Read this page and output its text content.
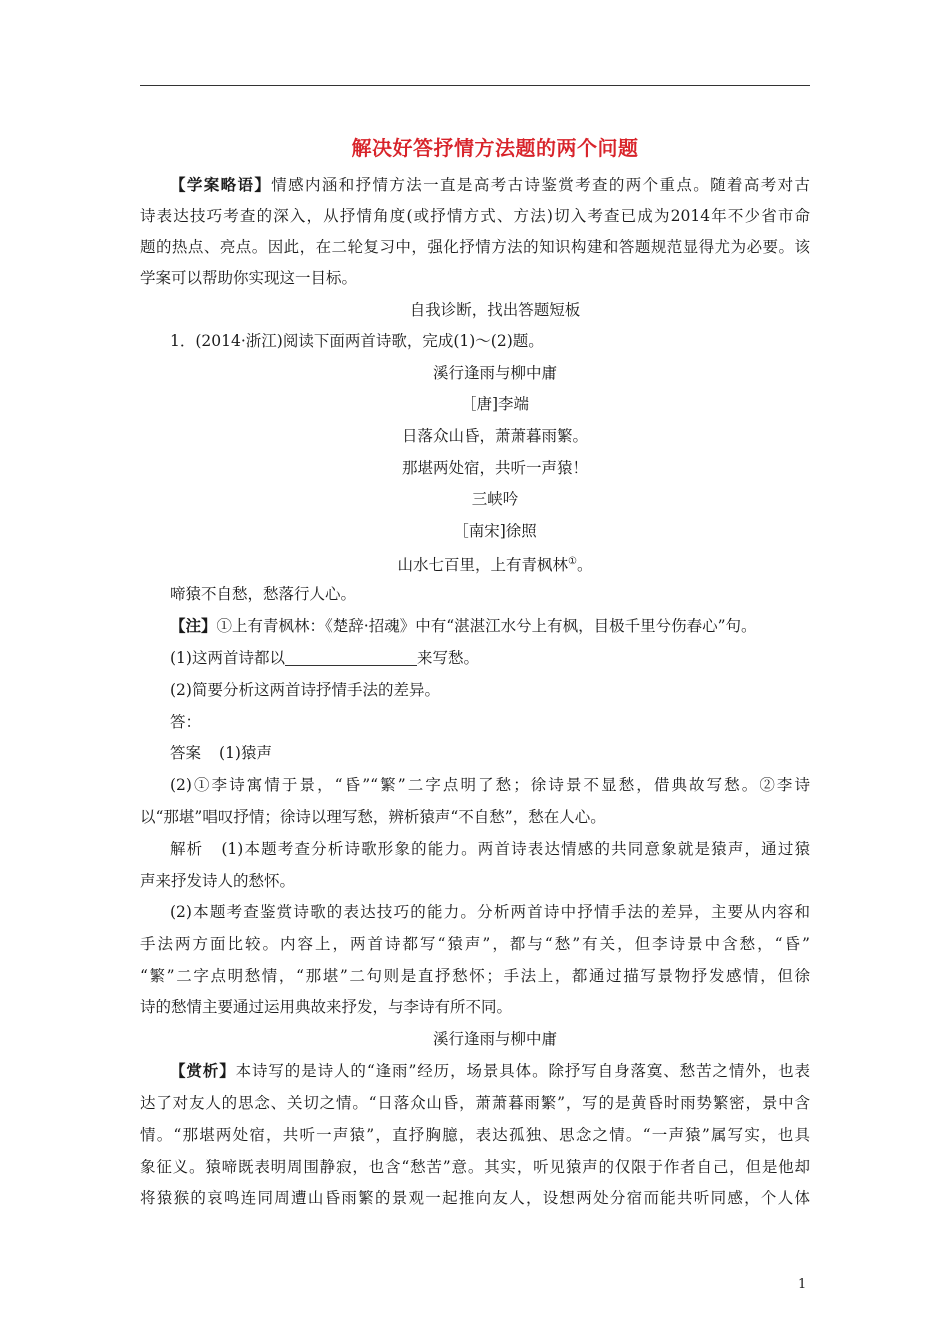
解决好答抒情方法题的两个问题
【学案略语】情感内涵和抒情方法一直是高考古诗鉴赏考查的两个重点。随着高考对古
诗表达技巧考查的深入，从抒情角度(或抒情方式、方法)切入考查已成为2014年不少省市命
题的热点、亮点。因此，在二轮复习中，强化抒情方法的知识构建和答题规范显得尤为必要。该
学案可以帮助你实现这一目标。
自我诊断，找出答题短板
1．(2014·浙江)阅读下面两首诗歌，完成(1)～(2)题。
溪行逢雨与柳中庸
［唐]李端
日落众山昏，萧萧暮雨繁。
那堪两处宿，共听一声猿！
三峡吟
［南宋]徐照
山水七百里，上有青枫林①。
啼猿不自愁，愁落行人心。
【注】①上有青枫林：《楚辞·招魂》中有“湛湛江水兮上有枫，目极千里兮伤春心”句。
(1)这两首诗都以	来写愁。
(2)简要分析这两首诗抒情手法的差异。
答：
答案 (1)猿声
(2)①李诗寓情于景，“昏”“繁”二字点明了愁；徐诗景不显愁，借典故写愁。②李诗
以“那堪”唱叹抒情；徐诗以理写愁，辨析猿声“不自愁”，愁在人心。
解析 (1)本题考查分析诗歌形象的能力。两首诗表达情感的共同意象就是猿声，通过猿
声来抒发诗人的愁怀。
(2)本题考查鉴赏诗歌的表达技巧的能力。分析两首诗中抒情手法的差异，主要从内容和
手法两方面比较。内容上，两首诗都写“猿声”，都与“愁”有关，但李诗景中含愁，“昏”
“繁”二字点明愁情，“那堪”二句则是直抒愁怀；手法上，都通过描写景物抒发感情，但徐
诗的愁情主要通过运用典故来抒发，与李诗有所不同。
溪行逢雨与柳中庸
【赏析】本诗写的是诗人的“逢雨”经历，场景具体。除抒写自身落寞、愁苦之情外，也表
达了对友人的思念、关切之情。“日落众山昏，萧萧暮雨繁”，写的是黄昏时雨势繁密，景中含
情。“那堪两处宿，共听一声猿”，直抒胸臆，表达孤独、思念之情。“一声猿”属写实，也具
象征义。猿啼既表明周围静寂，也含“愁苦”意。其实，听见猿声的仅限于作者自己，但是他却
将猿猴的哀鸣连同周遭山昏雨繁的景观一起推向友人，设想两处分宿而能共听同感，个人体
1
